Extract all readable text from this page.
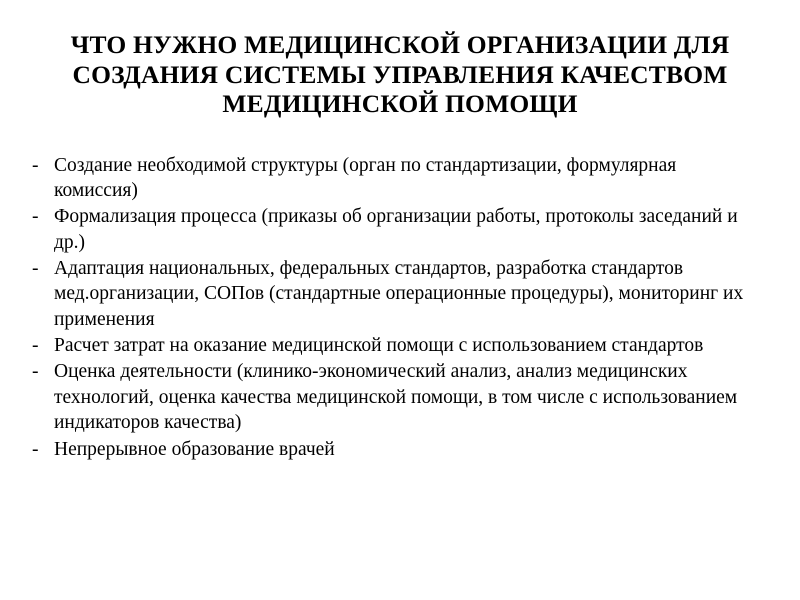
ЧТО НУЖНО МЕДИЦИНСКОЙ ОРГАНИЗАЦИИ ДЛЯ СОЗДАНИЯ СИСТЕМЫ УПРАВЛЕНИЯ КАЧЕСТВОМ МЕДИЦИНСКОЙ ПОМОЩИ
- Создание необходимой структуры (орган по стандартизации, формулярная комиссия)
- Формализация процесса (приказы об организации работы, протоколы заседаний и др.)
- Адаптация национальных, федеральных стандартов, разработка стандартов мед.организации, СОПов (стандартные операционные процедуры), мониторинг их применения
- Расчет затрат на оказание медицинской помощи с использованием стандартов
- Оценка деятельности (клинико-экономический анализ, анализ медицинских технологий, оценка качества медицинской помощи, в том числе с использованием индикаторов качества)
- Непрерывное образование врачей
